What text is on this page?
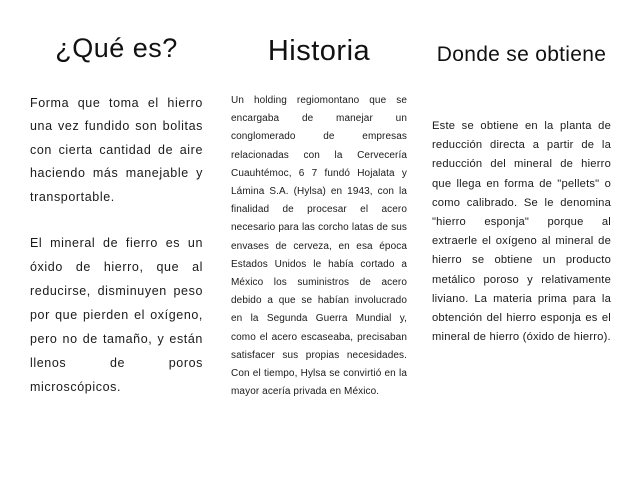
¿Qué es?

Forma que toma el hierro una vez fundido son bolitas con cierta cantidad de aire haciendo más manejable y transportable.

El mineral de fierro es un óxido de hierro, que al reducirse, disminuyen peso por que pierden el oxígeno, pero no de tamaño, y están llenos de poros microscópicos.

Historia

Un holding regiomontano que se encargaba de manejar un conglomerado de empresas relacionadas con la Cervecería Cuauhtémoc, 6 7 fundó Hojalata y Lámina S.A. (Hylsa) en 1943, con la finalidad de procesar el acero necesario para las corcho latas de sus envases de cerveza, en esa época Estados Unidos le había cortado a México los suministros de acero debido a que se habían involucrado en la Segunda Guerra Mundial y, como el acero escaseaba, precisaban satisfacer sus propias necesidades. Con el tiempo, Hylsa se convirtió en la mayor acería privada en México.

Donde se obtiene

Este se obtiene en la planta de reducción directa a partir de la reducción del mineral de hierro que llega en forma de "pellets" o como calibrado. Se le denomina "hierro esponja" porque al extraerle el oxígeno al mineral de hierro se obtiene un producto metálico poroso y relativamente liviano. La materia prima para la obtención del hierro esponja es el mineral de hierro (óxido de hierro).
